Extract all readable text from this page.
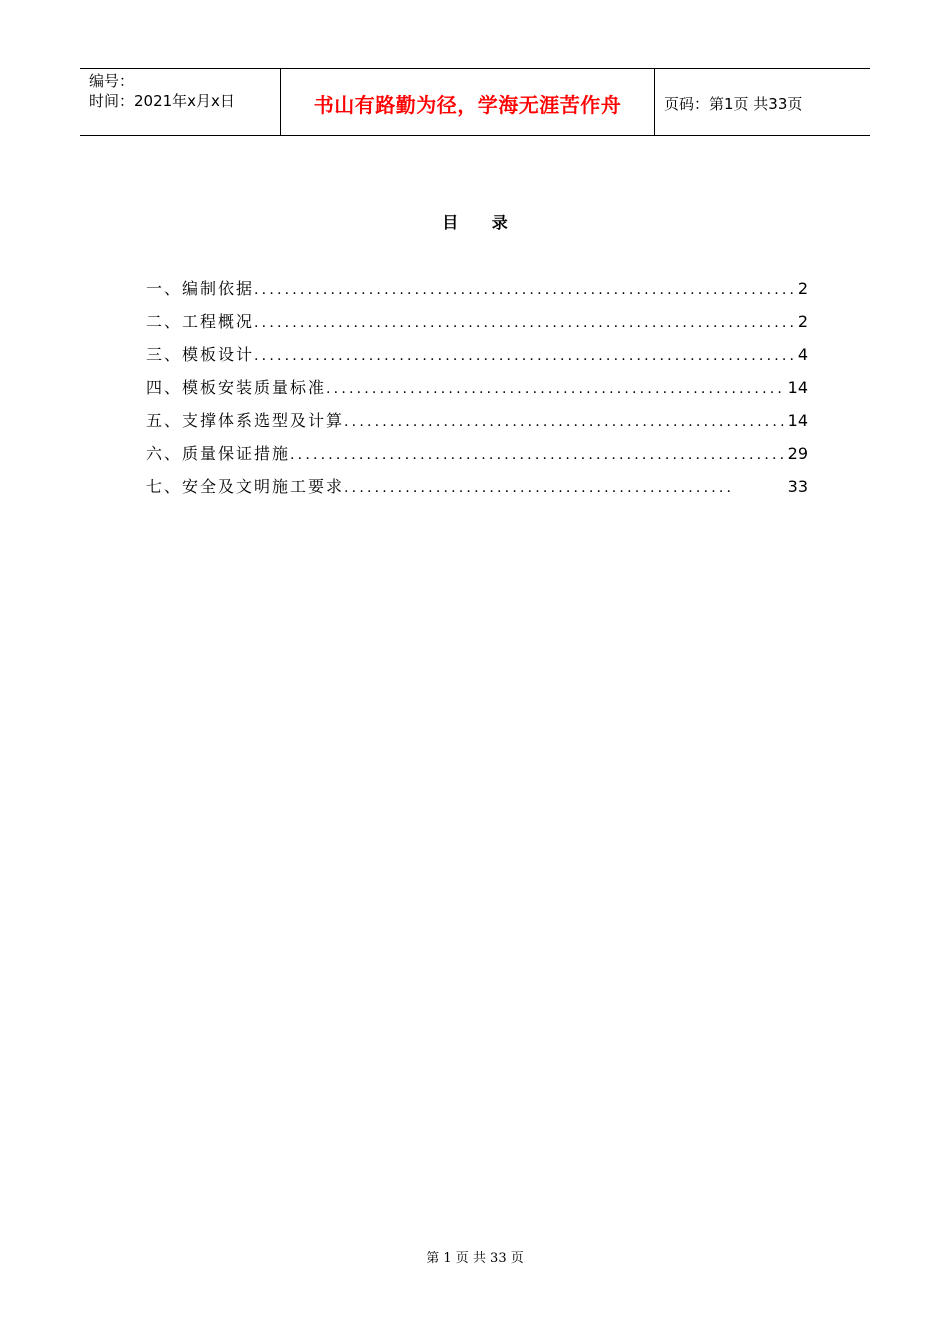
编号：
时间：2021年x月x日	书山有路勤为径，学海无涯苦作舟	页码：第1页 共33页
目      录
一、编制依据 .....	2
二、工程概况 .....	2
三、模板设计 .....	4
四、模板安装质量标准 .....	14
五、支撑体系选型及计算 .....	14
六、质量保证措施 .....	29
七、安全及文明施工要求 .....	33
第 1 页 共 33 页
